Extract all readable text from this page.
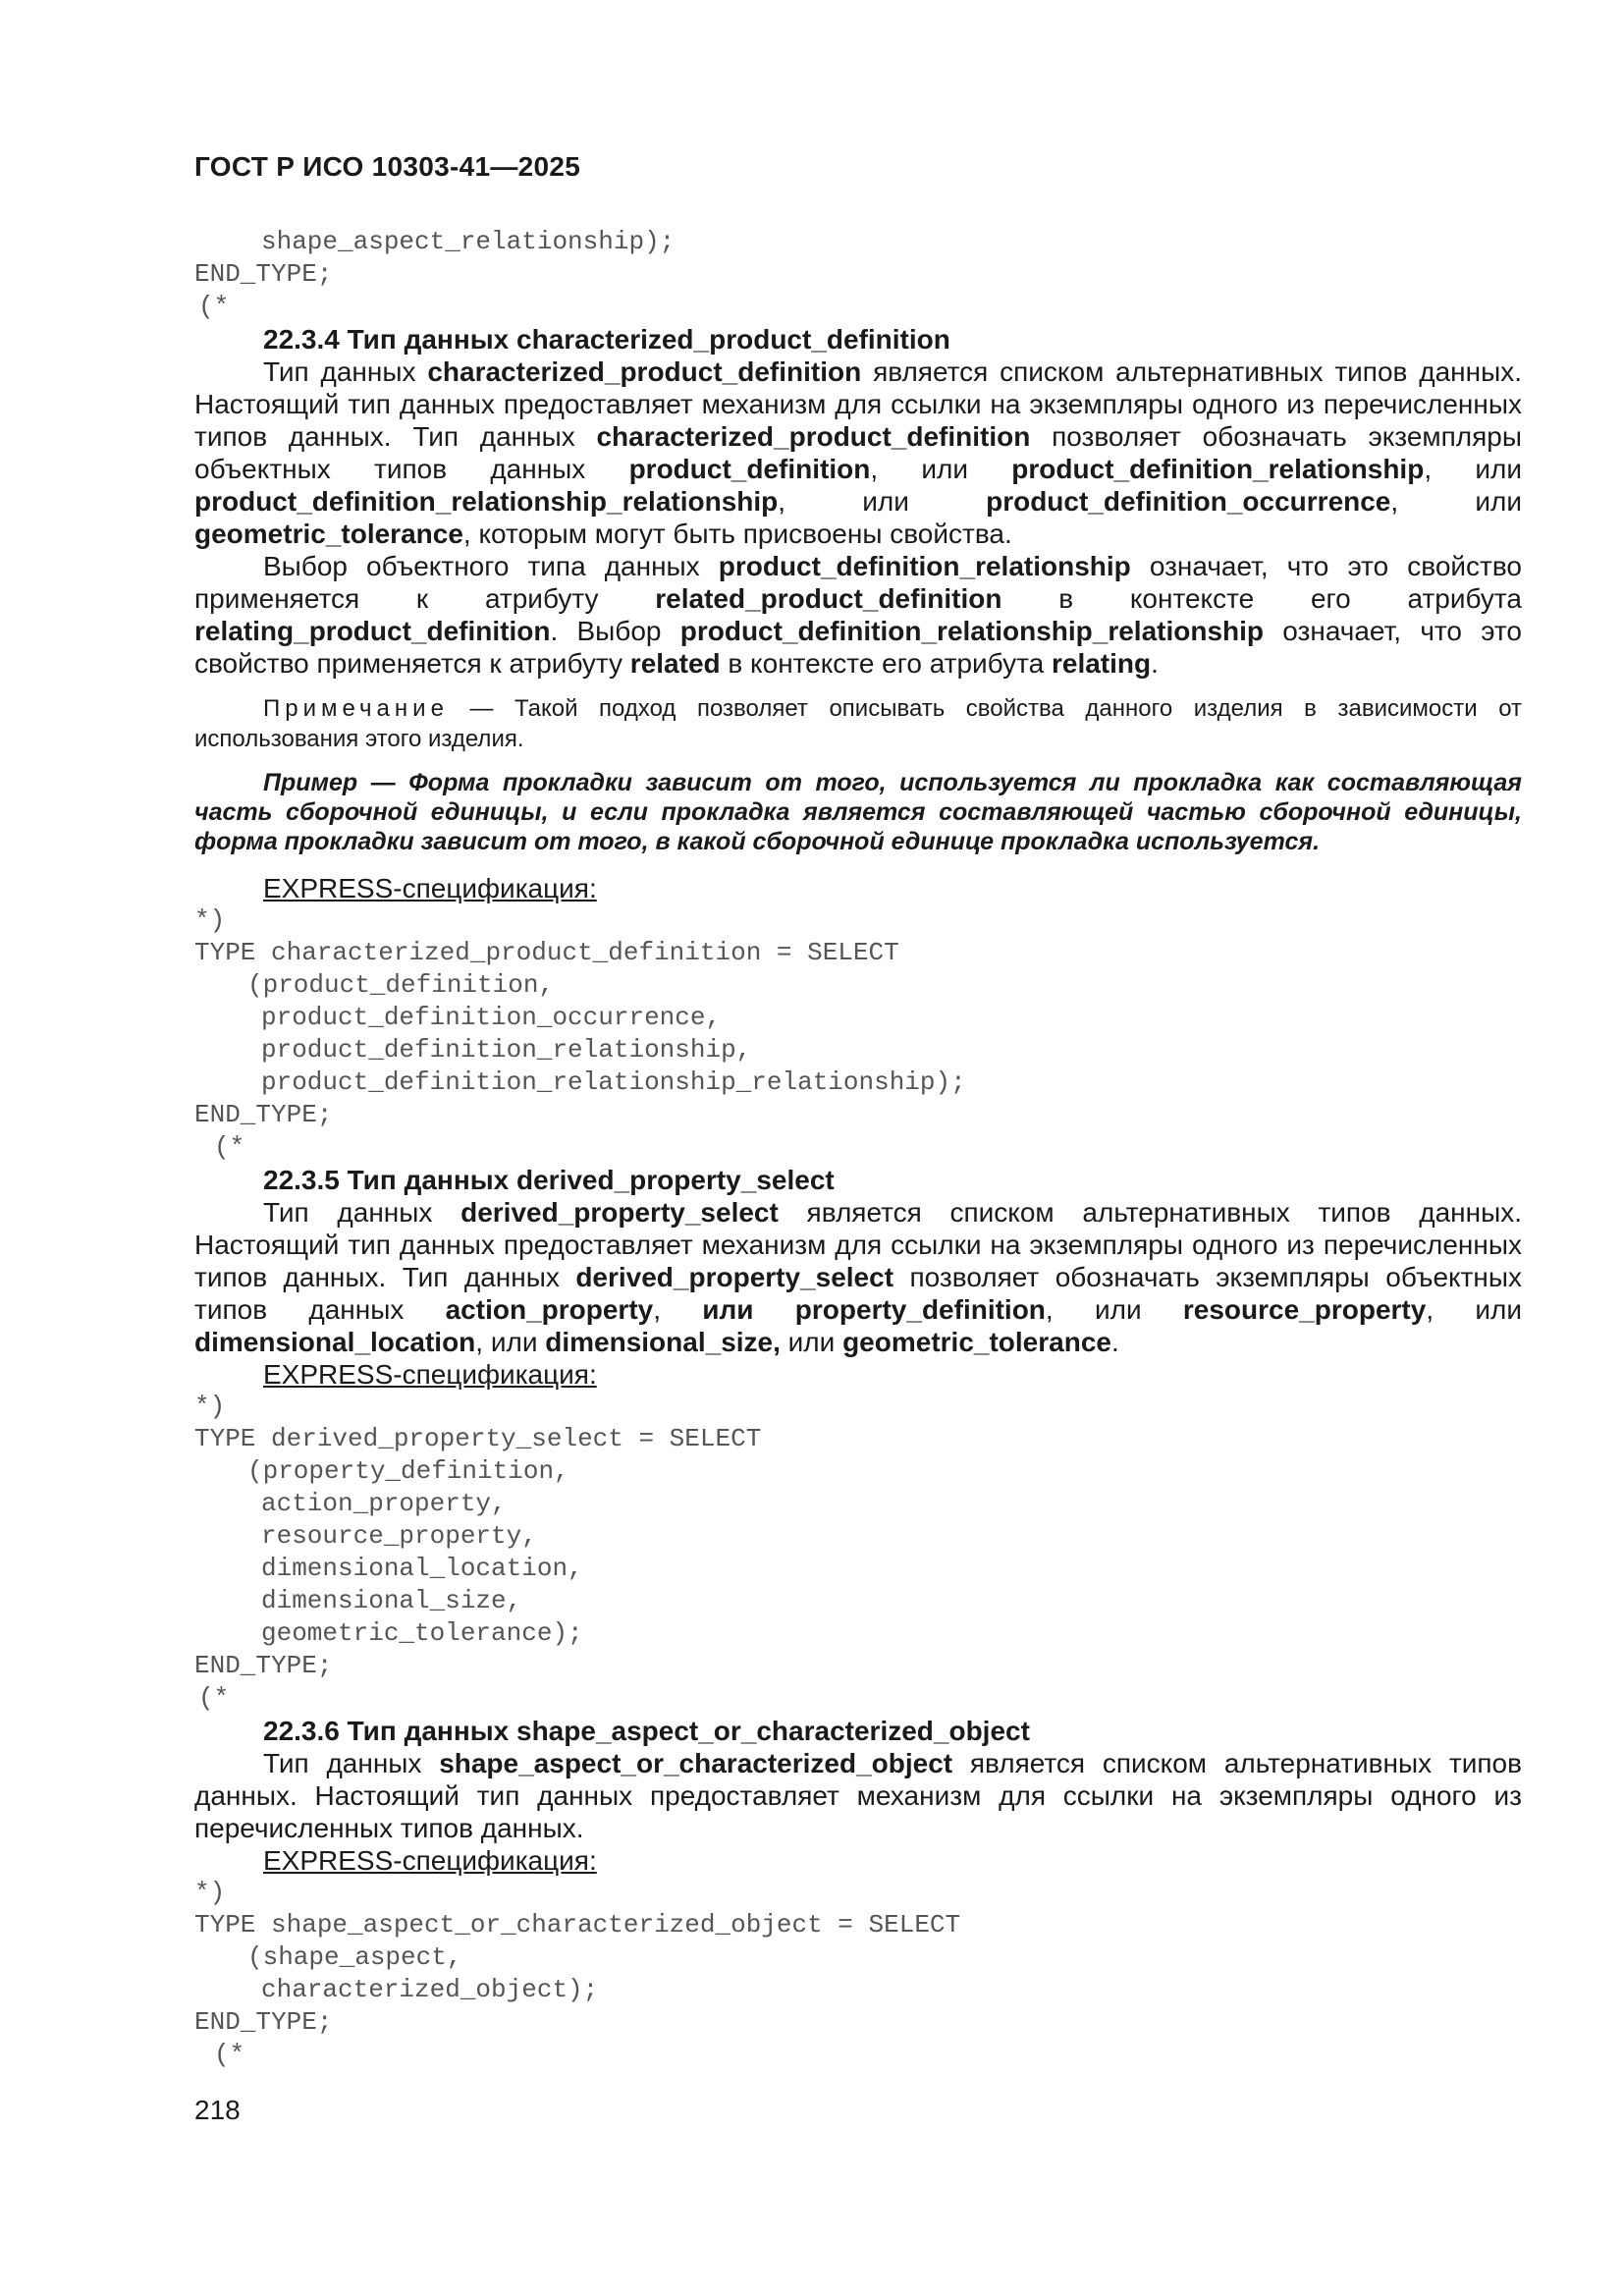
ГОСТ Р ИСО 10303-41—2025
shape_aspect_relationship);
END_TYPE;
(*
22.3.4 Тип данных characterized_product_definition
Тип данных characterized_product_definition является списком альтернативных типов данных. Настоящий тип данных предоставляет механизм для ссылки на экземпляры одного из перечисленных типов данных. Тип данных characterized_product_definition позволяет обозначать экземпляры объектных типов данных product_definition, или product_definition_relationship, или product_definition_relationship_relationship, или product_definition_occurrence, или geometric_tolerance, которым могут быть присвоены свойства.
Выбор объектного типа данных product_definition_relationship означает, что это свойство применяется к атрибуту related_product_definition в контексте его атрибута relating_product_definition. Выбор product_definition_relationship_relationship означает, что это свойство применяется к атрибуту related в контексте его атрибута relating.
Примечание — Такой подход позволяет описывать свойства данного изделия в зависимости от использования этого изделия.
Пример — Форма прокладки зависит от того, используется ли прокладка как составляющая часть сборочной единицы, и если прокладка является составляющей частью сборочной единицы, форма прокладки зависит от того, в какой сборочной единице прокладка используется.
EXPRESS-спецификация:
*)
TYPE characterized_product_definition = SELECT
(product_definition,
product_definition_occurrence,
product_definition_relationship,
product_definition_relationship_relationship);
END_TYPE;
(*
22.3.5 Тип данных derived_property_select
Тип данных derived_property_select является списком альтернативных типов данных. Настоящий тип данных предоставляет механизм для ссылки на экземпляры одного из перечисленных типов данных. Тип данных derived_property_select позволяет обозначать экземпляры объектных типов данных action_property, или property_definition, или resource_property, или dimensional_location, или dimensional_size, или geometric_tolerance.
EXPRESS-спецификация:
*)
TYPE derived_property_select = SELECT
(property_definition,
action_property,
resource_property,
dimensional_location,
dimensional_size,
geometric_tolerance);
END_TYPE;
(*
22.3.6 Тип данных shape_aspect_or_characterized_object
Тип данных shape_aspect_or_characterized_object является списком альтернативных типов данных. Настоящий тип данных предоставляет механизм для ссылки на экземпляры одного из перечисленных типов данных.
EXPRESS-спецификация:
*)
TYPE shape_aspect_or_characterized_object = SELECT
(shape_aspect,
characterized_object);
END_TYPE;
(*
218
